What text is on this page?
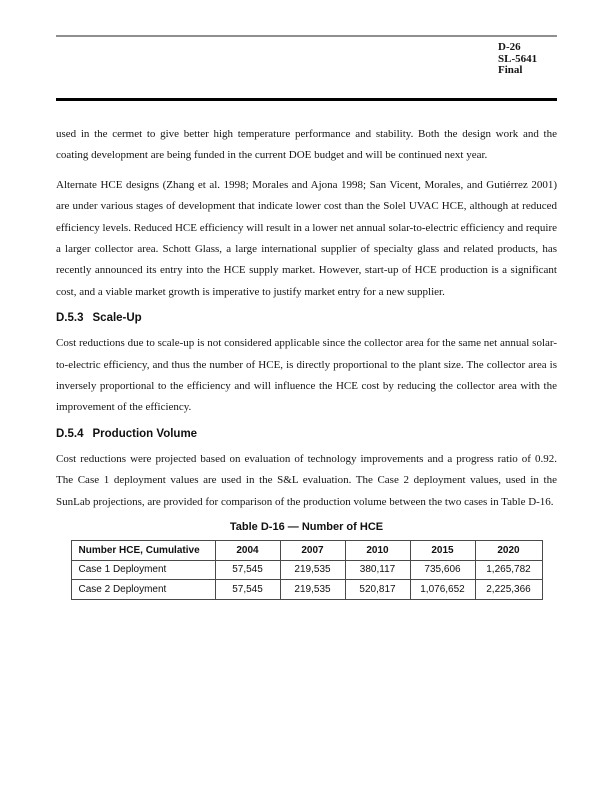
D-26
SL-5641
Final

used in the cermet to give better high temperature performance and stability. Both the design work and the coating development are being funded in the current DOE budget and will be continued next year.

Alternate HCE designs (Zhang et al. 1998; Morales and Ajona 1998; San Vicent, Morales, and Gutiérrez 2001) are under various stages of development that indicate lower cost than the Solel UVAC HCE, although at reduced efficiency levels. Reduced HCE efficiency will result in a lower net annual solar-to-electric efficiency and require a larger collector area. Schott Glass, a large international supplier of specialty glass and related products, has recently announced its entry into the HCE supply market. However, start-up of HCE production is a significant cost, and a viable market growth is imperative to justify market entry for a new supplier.

D.5.3 Scale-Up

Cost reductions due to scale-up is not considered applicable since the collector area for the same net annual solar-to-electric efficiency, and thus the number of HCE, is directly proportional to the plant size. The collector area is inversely proportional to the efficiency and will influence the HCE cost by reducing the collector area with the improvement of the efficiency.

D.5.4 Production Volume

Cost reductions were projected based on evaluation of technology improvements and a progress ratio of 0.92. The Case 1 deployment values are used in the S&L evaluation. The Case 2 deployment values, used in the SunLab projections, are provided for comparison of the production volume between the two cases in Table D-16.

Table D-16 — Number of HCE
Number HCE, Cumulative	2004	2007	2010	2015	2020
Case 1 Deployment	57,545	219,535	380,117	735,606	1,265,782
Case 2 Deployment	57,545	219,535	520,817	1,076,652	2,225,366
